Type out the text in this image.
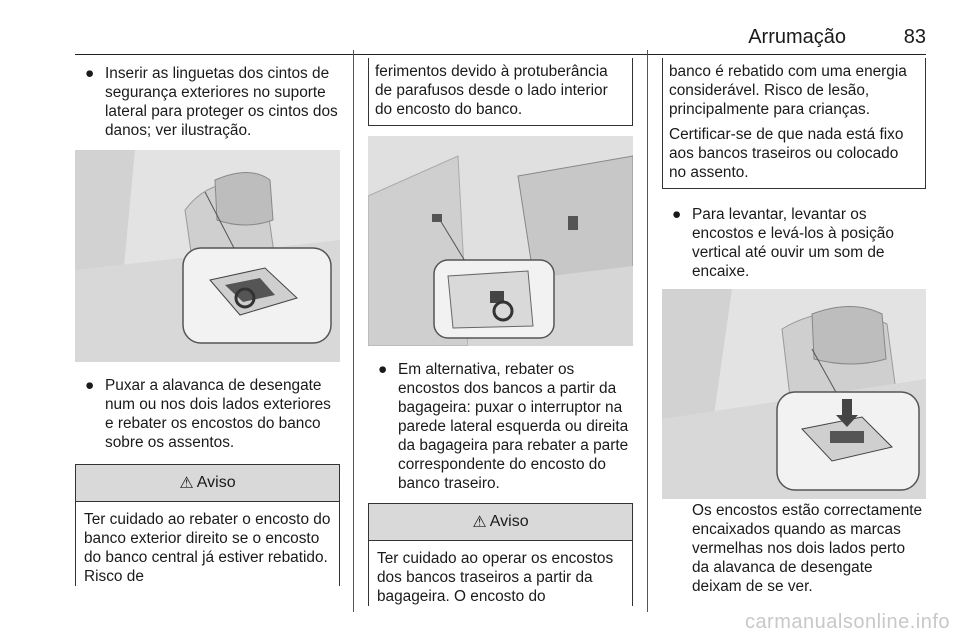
Arrumação	83
● Inserir as linguetas dos cintos de segurança exteriores no suporte lateral para proteger os cintos dos danos; ver ilustração.
● Puxar a alavanca de desengate num ou nos dois lados exteriores e rebater os encostos do banco sobre os assentos.
⚠ Aviso
Ter cuidado ao rebater o encosto do banco exterior direito se o encosto do banco central já estiver rebatido. Risco de
ferimentos devido à protuberância de parafusos desde o lado interior do encosto do banco.
● Em alternativa, rebater os encostos dos bancos a partir da bagageira: puxar o interruptor na parede lateral esquerda ou direita da bagageira para rebater a parte correspondente do encosto do banco traseiro.
⚠ Aviso
Ter cuidado ao operar os encostos dos bancos traseiros a partir da bagageira. O encosto do
banco é rebatido com uma energia considerável. Risco de lesão, principalmente para crianças.
Certificar-se de que nada está fixo aos bancos traseiros ou colocado no assento.
● Para levantar, levantar os encostos e levá-los à posição vertical até ouvir um som de encaixe.
Os encostos estão correctamente encaixados quando as marcas vermelhas nos dois lados perto da alavanca de desengate deixam de se ver.
carmanualsonline.info
